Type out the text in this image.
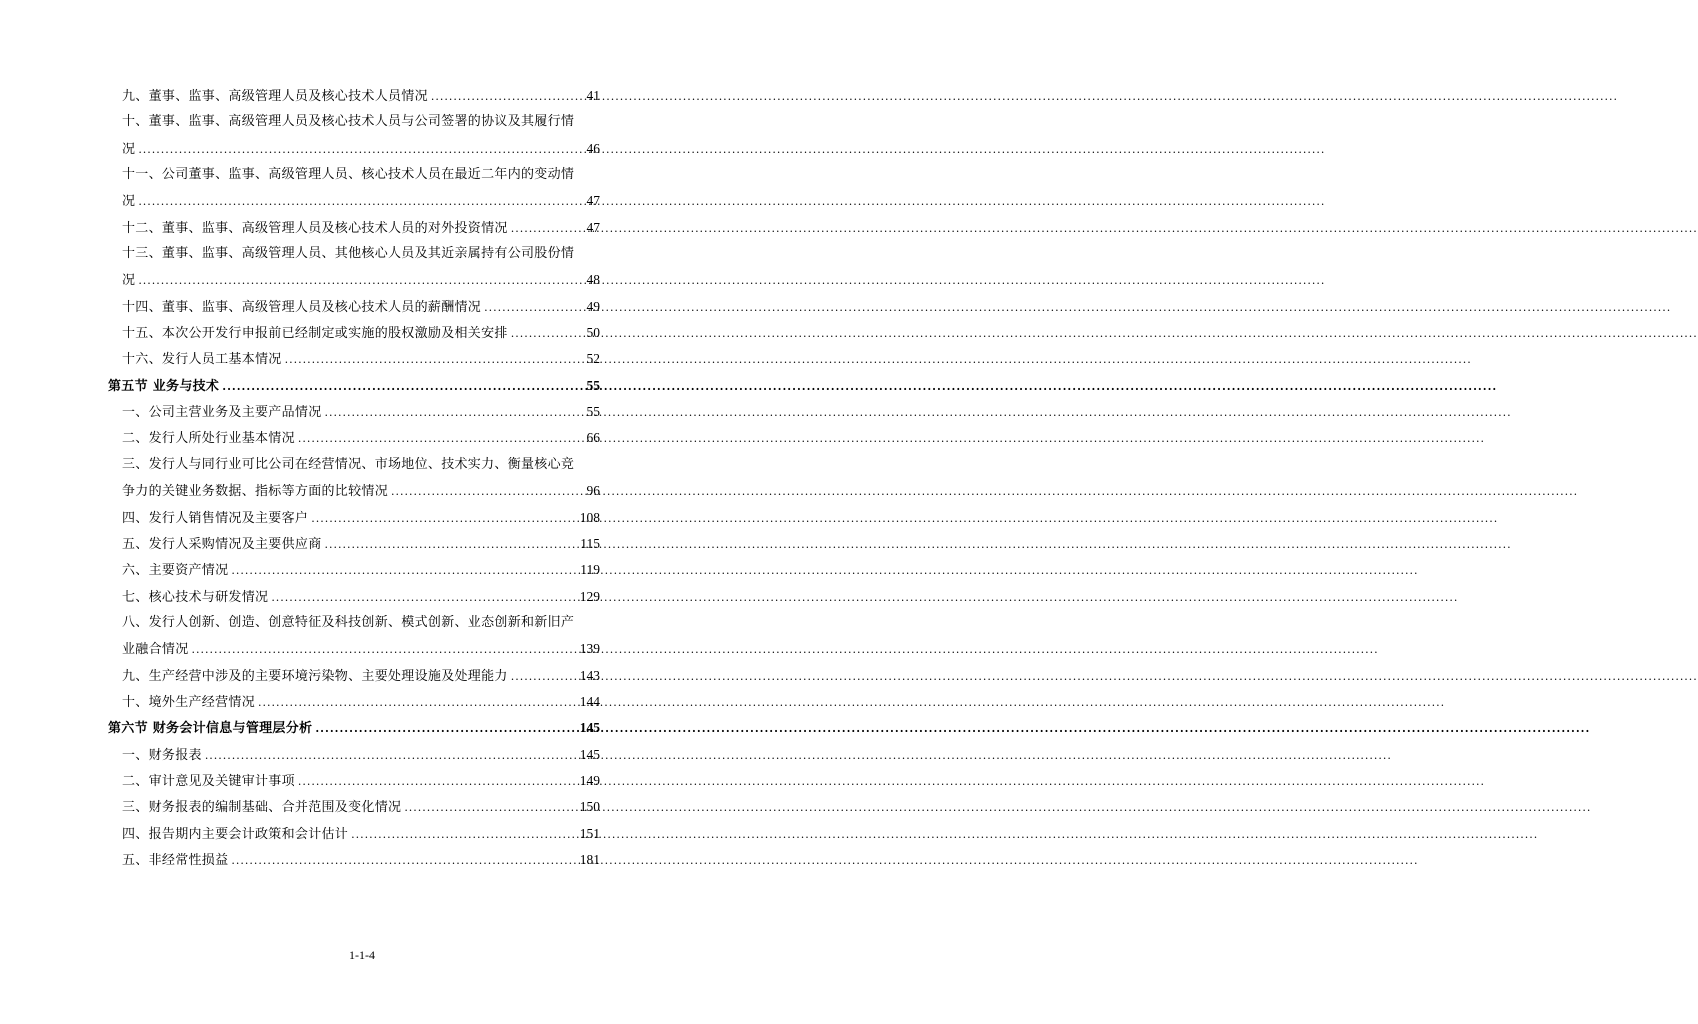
九、董事、监事、高级管理人员及核心技术人员情况 .....	41
十、董事、监事、高级管理人员及核心技术人员与公司签署的协议及其履行情
况 .....	46
十一、公司董事、监事、高级管理人员、核心技术人员在最近二年内的变动情
况 .....	47
十二、董事、监事、高级管理人员及核心技术人员的对外投资情况 .....	47
十三、董事、监事、高级管理人员、其他核心人员及其近亲属持有公司股份情
况 .....	48
十四、董事、监事、高级管理人员及核心技术人员的薪酬情况 .....	49
十五、本次公开发行申报前已经制定或实施的股权激励及相关安排 .....	50
十六、发行人员工基本情况 .....	52
第五节 业务与技术 .....	55
一、公司主营业务及主要产品情况 .....	55
二、发行人所处行业基本情况 .....	66
三、发行人与同行业可比公司在经营情况、市场地位、技术实力、衡量核心竞
争力的关键业务数据、指标等方面的比较情况 .....	96
四、发行人销售情况及主要客户 .....	108
五、发行人采购情况及主要供应商 .....	115
六、主要资产情况 .....	119
七、核心技术与研发情况 .....	129
八、发行人创新、创造、创意特征及科技创新、模式创新、业态创新和新旧产
业融合情况 .....	139
九、生产经营中涉及的主要环境污染物、主要处理设施及处理能力 .....	143
十、境外生产经营情况 .....	144
第六节 财务会计信息与管理层分析 .....	145
一、财务报表 .....	145
二、审计意见及关键审计事项 .....	149
三、财务报表的编制基础、合并范围及变化情况 .....	150
四、报告期内主要会计政策和会计估计 .....	151
五、非经常性损益 .....	181
1-1-4
